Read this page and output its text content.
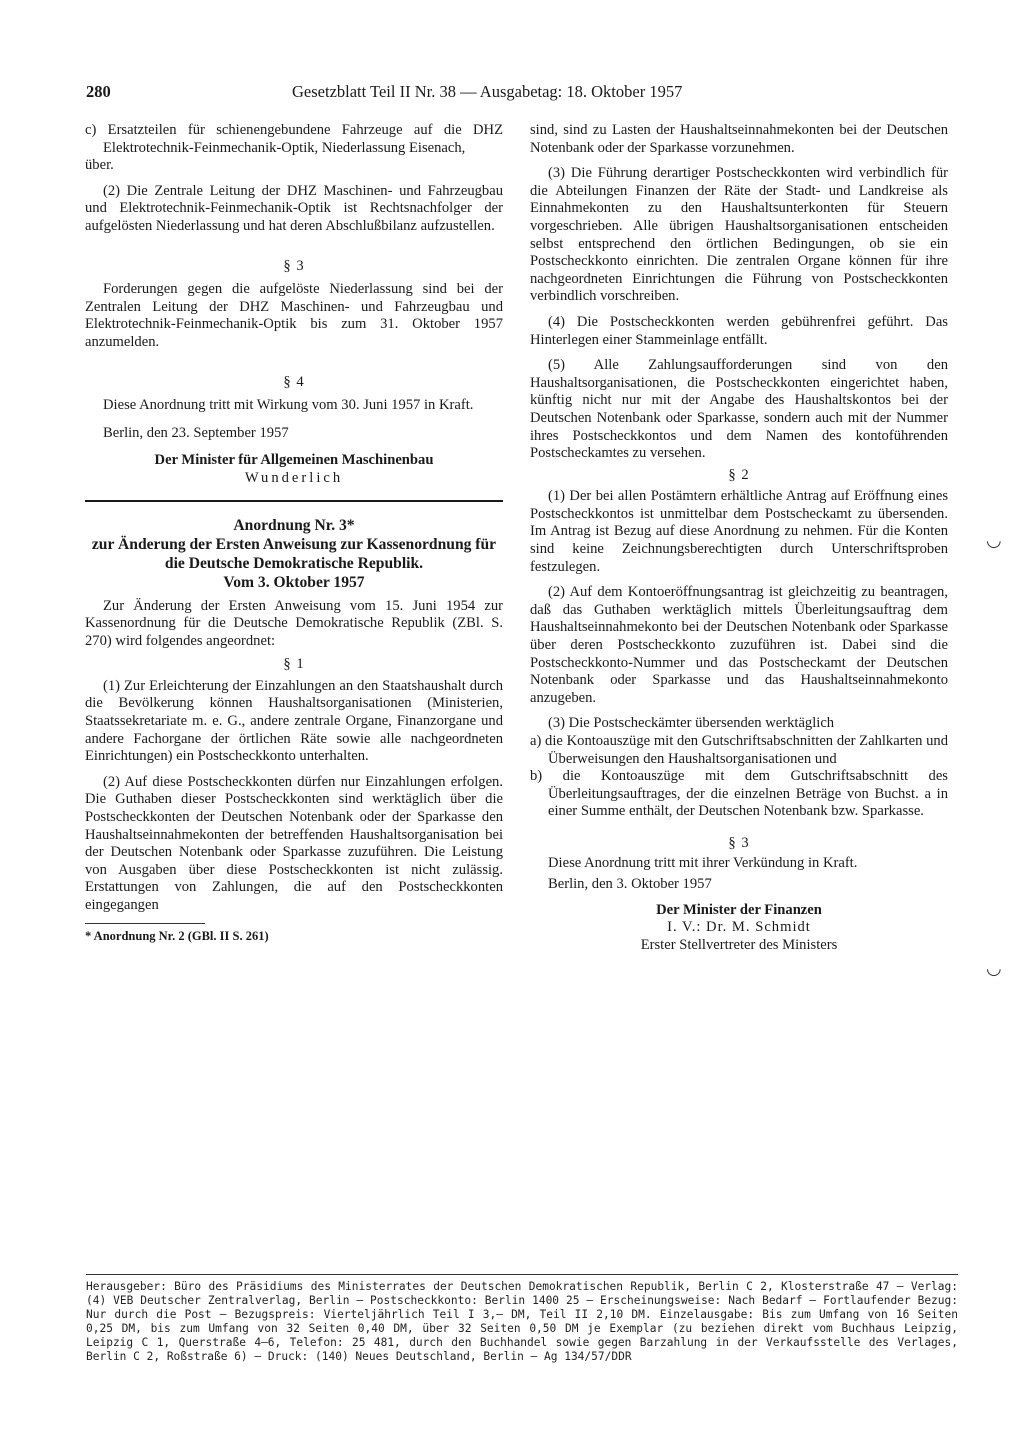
280	Gesetzblatt Teil II Nr. 38 — Ausgabetag: 18. Oktober 1957

c) Ersatzteilen für schienengebundene Fahrzeuge auf die DHZ Elektrotechnik-Feinmechanik-Optik, Niederlassung Eisenach,

über.

(2) Die Zentrale Leitung der DHZ Maschinen- und Fahrzeugbau und Elektrotechnik-Feinmechanik-Optik ist Rechtsnachfolger der aufgelösten Niederlassung und hat deren Abschlußbilanz aufzustellen.

§ 3

Forderungen gegen die aufgelöste Niederlassung sind bei der Zentralen Leitung der DHZ Maschinen- und Fahrzeugbau und Elektrotechnik-Feinmechanik-Optik bis zum 31. Oktober 1957 anzumelden.

§ 4

Diese Anordnung tritt mit Wirkung vom 30. Juni 1957 in Kraft.

Berlin, den 23. September 1957

Der Minister für Allgemeinen Maschinenbau

Wunderlich

Anordnung Nr. 3*

zur Änderung der Ersten Anweisung zur Kassenordnung für die Deutsche Demokratische Republik.

Vom 3. Oktober 1957

Zur Änderung der Ersten Anweisung vom 15. Juni 1954 zur Kassenordnung für die Deutsche Demokratische Republik (ZBl. S. 270) wird folgendes angeordnet:

§ 1

(1) Zur Erleichterung der Einzahlungen an den Staatshaushalt durch die Bevölkerung können Haushaltsorganisationen (Ministerien, Staatssekretariate m. e. G., andere zentrale Organe, Finanzorgane und andere Fachorgane der örtlichen Räte sowie alle nachgeordneten Einrichtungen) ein Postscheckkonto unterhalten.

(2) Auf diese Postscheckkonten dürfen nur Einzahlungen erfolgen. Die Guthaben dieser Postscheckkonten sind werktäglich über die Postscheckkonten der Deutschen Notenbank oder der Sparkasse den Haushaltseinnahmekonten der betreffenden Haushaltsorganisation bei der Deutschen Notenbank oder Sparkasse zuzuführen. Die Leistung von Ausgaben über diese Postscheckkonten ist nicht zulässig. Erstattungen von Zahlungen, die auf den Postscheckkonten eingegangen

* Anordnung Nr. 2 (GBl. II S. 261)

sind, sind zu Lasten der Haushaltseinnahmekonten bei der Deutschen Notenbank oder der Sparkasse vorzunehmen.

(3) Die Führung derartiger Postscheckkonten wird verbindlich für die Abteilungen Finanzen der Räte der Stadt- und Landkreise als Einnahmekonten zu den Haushaltsunterkonten für Steuern vorgeschrieben. Alle übrigen Haushaltsorganisationen entscheiden selbst entsprechend den örtlichen Bedingungen, ob sie ein Postscheckkonto einrichten. Die zentralen Organe können für ihre nachgeordneten Einrichtungen die Führung von Postscheckkonten verbindlich vorschreiben.

(4) Die Postscheckkonten werden gebührenfrei geführt. Das Hinterlegen einer Stammeinlage entfällt.

(5) Alle Zahlungsaufforderungen sind von den Haushaltsorganisationen, die Postscheckkonten eingerichtet haben, künftig nicht nur mit der Angabe des Haushaltskontos bei der Deutschen Notenbank oder Sparkasse, sondern auch mit der Nummer ihres Postscheckkontos und dem Namen des kontoführenden Postscheckamtes zu versehen.

§ 2

(1) Der bei allen Postämtern erhältliche Antrag auf Eröffnung eines Postscheckkontos ist unmittelbar dem Postscheckamt zu übersenden. Im Antrag ist Bezug auf diese Anordnung zu nehmen. Für die Konten sind keine Zeichnungsberechtigten durch Unterschriftsproben festzulegen.

(2) Auf dem Kontoeröffnungsantrag ist gleichzeitig zu beantragen, daß das Guthaben werktäglich mittels Überleitungsauftrag dem Haushaltseinnahmekonto bei der Deutschen Notenbank oder Sparkasse über deren Postscheckkonto zuzuführen ist. Dabei sind die Postscheckkonto-Nummer und das Postscheckamt der Deutschen Notenbank oder Sparkasse und das Haushaltseinnahmekonto anzugeben.

(3) Die Postscheckämter übersenden werktäglich

a) die Kontoauszüge mit den Gutschriftsabschnitten der Zahlkarten und Überweisungen den Haushaltsorganisationen und

b) die Kontoauszüge mit dem Gutschriftsabschnitt des Überleitungsauftrages, der die einzelnen Beträge von Buchst. a in einer Summe enthält, der Deutschen Notenbank bzw. Sparkasse.

§ 3

Diese Anordnung tritt mit ihrer Verkündung in Kraft.

Berlin, den 3. Oktober 1957

Der Minister der Finanzen

I. V.: Dr. M. Schmidt

Erster Stellvertreter des Ministers

◡
◡
Herausgeber: Büro des Präsidiums des Ministerrates der Deutschen Demokratischen Republik, Berlin C 2, Klosterstraße 47 — Verlag: (4) VEB Deutscher Zentralverlag, Berlin — Postscheckkonto: Berlin 1400 25 — Erscheinungsweise: Nach Bedarf — Fortlaufender Bezug: Nur durch die Post — Bezugspreis: Vierteljährlich Teil I 3,— DM, Teil II 2,10 DM. Einzelausgabe: Bis zum Umfang von 16 Seiten 0,25 DM, bis zum Umfang von 32 Seiten 0,40 DM, über 32 Seiten 0,50 DM je Exemplar (zu beziehen direkt vom Buchhaus Leipzig, Leipzig C 1, Querstraße 4—6, Telefon: 25 481, durch den Buchhandel sowie gegen Barzahlung in der Verkaufsstelle des Verlages, Berlin C 2, Roßstraße 6) — Druck: (140) Neues Deutschland, Berlin — Ag 134/57/DDR
